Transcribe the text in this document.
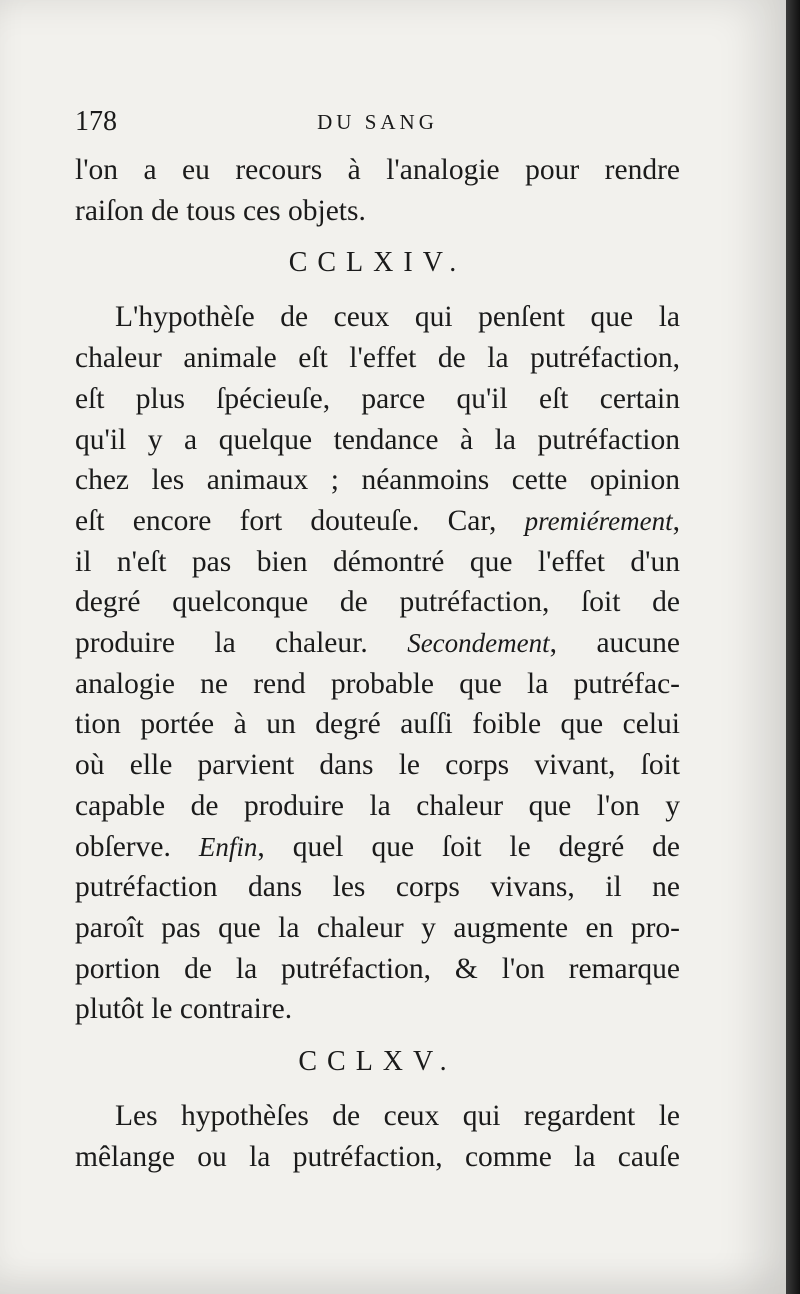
178	DU SANG
l'on a eu recours à l'analogie pour rendre
raiſon de tous ces objets.
CCLXIV.
L'hypothèſe de ceux qui penſent que la
chaleur animale eſt l'effet de la putréfaction,
eſt plus ſpécieuſe, parce qu'il eſt certain
qu'il y a quelque tendance à la putréfaction
chez les animaux ; néanmoins cette opinion
eſt encore fort douteuſe. Car, premiérement,
il n'eſt pas bien démontré que l'effet d'un
degré quelconque de putréfaction, ſoit de
produire la chaleur. Secondement, aucune
analogie ne rend probable que la putréfac-
tion portée à un degré auſſi foible que celui
où elle parvient dans le corps vivant, ſoit
capable de produire la chaleur que l'on y
obſerve. Enfin, quel que ſoit le degré de
putréfaction dans les corps vivans, il ne
paroît pas que la chaleur y augmente en pro-
portion de la putréfaction, & l'on remarque
plutôt le contraire.
CCLXV.
Les hypothèſes de ceux qui regardent le
mêlange ou la putréfaction, comme la cauſe
